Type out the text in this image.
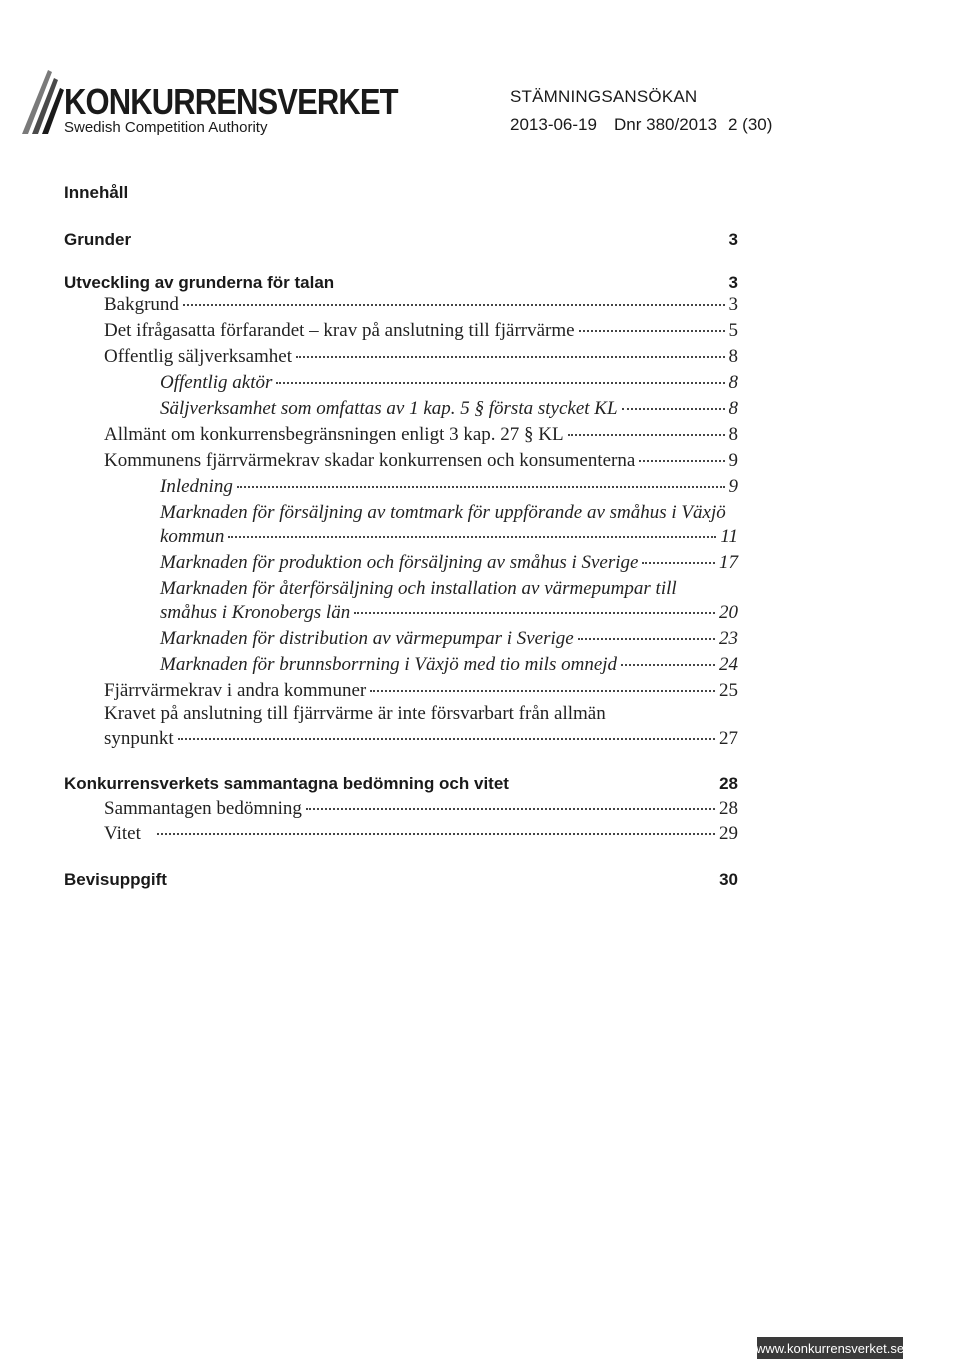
KONKURRENSVERKET
Swedish Competition Authority
STÄMNINGSANSÖKAN
2013-06-19 Dnr 380/2013 2 (30)
Innehåll
Grunder	3
Utveckling av grunderna för talan	3
Bakgrund	3
Det ifrågasatta förfarandet – krav på anslutning till fjärrvärme	5
Offentlig säljverksamhet	8
Offentlig aktör	8
Säljverksamhet som omfattas av 1 kap. 5 § första stycket KL	8
Allmänt om konkurrensbegränsningen enligt 3 kap. 27 § KL	8
Kommunens fjärrvärmekrav skadar konkurrensen och konsumenterna	9
Inledning	9
Marknaden för försäljning av tomtmark för uppförande av småhus i Växjö
kommun	11
Marknaden för produktion och försäljning av småhus i Sverige	17
Marknaden för återförsäljning och installation av värmepumpar till
småhus i Kronobergs län	20
Marknaden för distribution av värmepumpar i Sverige	23
Marknaden för brunnsborrning i Växjö med tio mils omnejd	24
Fjärrvärmekrav i andra kommuner	25
Kravet på anslutning till fjärrvärme är inte försvarbart från allmän
synpunkt	27
Konkurrensverkets sammantagna bedömning och vitet	28
Sammantagen bedömning	28
Vitet	29
Bevisuppgift	30
www.konkurrensverket.se
